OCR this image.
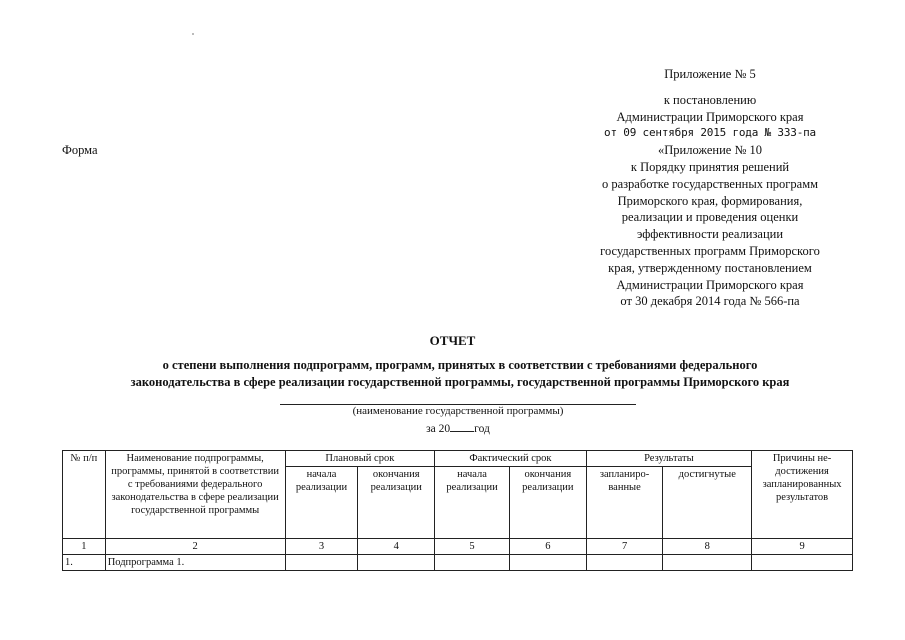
Приложение № 5
к постановлению
Администрации Приморского края
от 09 сентября 2015 года № 333-па
«Приложение № 10
к Порядку принятия решений
о разработке государственных программ
Приморского края, формирования,
реализации и проведения оценки
эффективности реализации
государственных программ Приморского
края, утвержденному постановлением
Администрации Приморского края
от 30 декабря 2014 года № 566-па
Форма
ОТЧЕТ
о степени выполнения подпрограмм, программ, принятых в соответствии с требованиями федерального
законодательства в сфере реализации государственной программы, государственной программы Приморского края
(наименование государственной программы)
за 20 год
№ п/п	Наименование подпрограммы, программы, принятой в соответствии с требованиями федерального законодательства в сфере реализации государственной программы	Плановый срок		Фактический срок		Результаты		Причины не-достижения запланированных результатов
		начала реализации	окончания реализации	начала реализации	окончания реализации	запланиро-ванные	достигнутые	
1	2	3	4	5	6	7	8	9
1.	Подпрограмма 1.							
